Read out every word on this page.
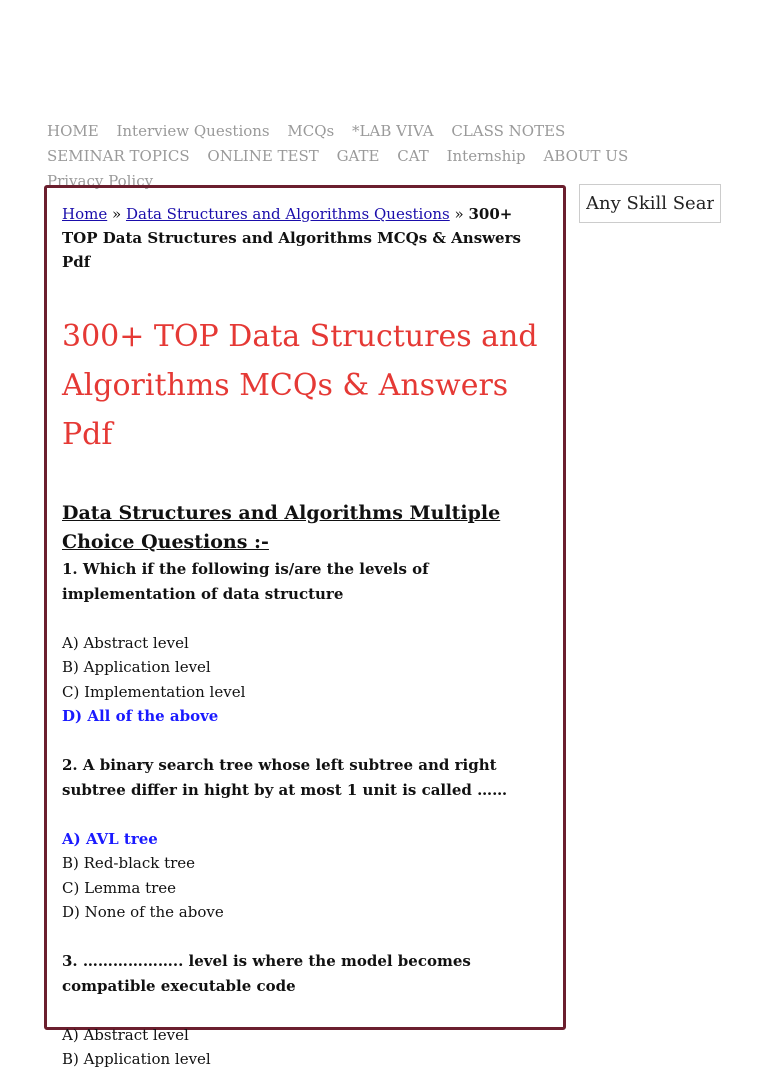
HOME Interview Questions MCQs *LAB VIVA CLASS NOTES SEMINAR TOPICS ONLINE TEST GATE CAT Internship ABOUT US Privacy Policy
Home » Data Structures and Algorithms Questions » 300+ TOP Data Structures and Algorithms MCQs & Answers Pdf
300+ TOP Data Structures and Algorithms MCQs & Answers Pdf
Data Structures and Algorithms Multiple Choice Questions :-

1. Which if the following is/are the levels of implementation of data structure

A) Abstract level
B) Application level
C) Implementation level
D) All of the above

2. A binary search tree whose left subtree and right subtree differ in hight by at most 1 unit is called ……

A) AVL tree
B) Red-black tree
C) Lemma tree
D) None of the above

3. ……………….. level is where the model becomes compatible executable code

A) Abstract level
B) Application level
Any Skill Search
